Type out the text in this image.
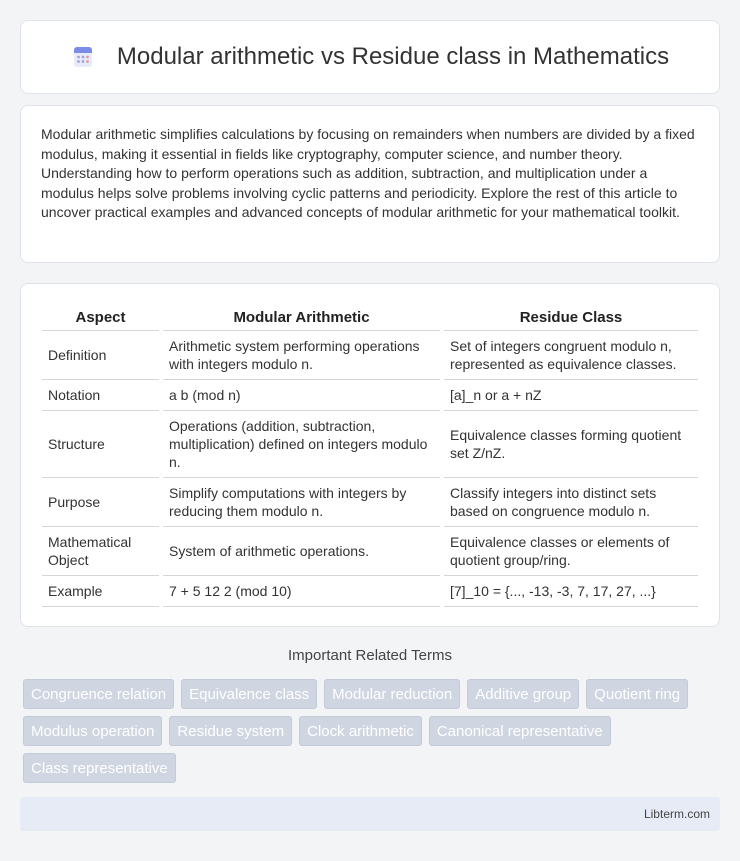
Modular arithmetic vs Residue class in Mathematics

Modular arithmetic simplifies calculations by focusing on remainders when numbers are divided by a fixed modulus, making it essential in fields like cryptography, computer science, and number theory. Understanding how to perform operations such as addition, subtraction, and multiplication under a modulus helps solve problems involving cyclic patterns and periodicity. Explore the rest of this article to uncover practical examples and advanced concepts of modular arithmetic for your mathematical toolkit.

Aspect	Modular Arithmetic	Residue Class
Definition	Arithmetic system performing operations with integers modulo n.	Set of integers congruent modulo n, represented as equivalence classes.
Notation	a b (mod n)	[a]_n or a + nZ
Structure	Operations (addition, subtraction, multiplication) defined on integers modulo n.	Equivalence classes forming quotient set Z/nZ.
Purpose	Simplify computations with integers by reducing them modulo n.	Classify integers into distinct sets based on congruence modulo n.
Mathematical Object	System of arithmetic operations.	Equivalence classes or elements of quotient group/ring.
Example	7 + 5 12 2 (mod 10)	[7]_10 = {..., -13, -3, 7, 17, 27, ...}
Important Related Terms
Congruence relation	Equivalence class	Modular reduction	Additive group	Quotient ring
Modulus operation	Residue system	Clock arithmetic	Canonical representative
Class representative
Libterm.com
